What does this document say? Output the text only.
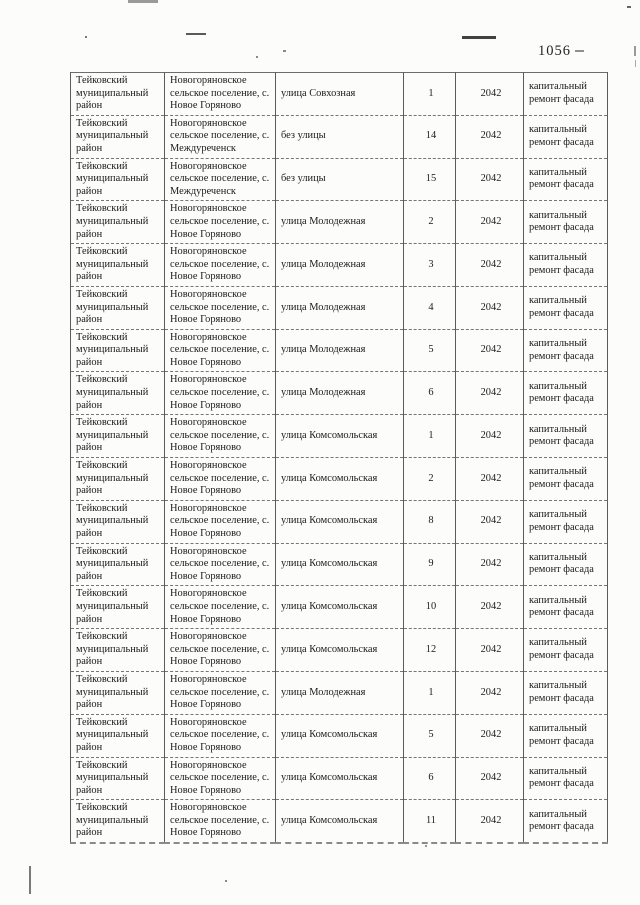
1056
Тейковский муниципальный район	Новогоряновское сельское поселение, с. Новое Горяново	улица Совхозная	1	2042	капитальный ремонт фасада
Тейковский муниципальный район	Новогоряновское сельское поселение, с. Междуреченск	без улицы	14	2042	капитальный ремонт фасада
Тейковский муниципальный район	Новогоряновское сельское поселение, с. Междуреченск	без улицы	15	2042	капитальный ремонт фасада
Тейковский муниципальный район	Новогоряновское сельское поселение, с. Новое Горяново	улица Молодежная	2	2042	капитальный ремонт фасада
Тейковский муниципальный район	Новогоряновское сельское поселение, с. Новое Горяново	улица Молодежная	3	2042	капитальный ремонт фасада
Тейковский муниципальный район	Новогоряновское сельское поселение, с. Новое Горяново	улица Молодежная	4	2042	капитальный ремонт фасада
Тейковский муниципальный район	Новогоряновское сельское поселение, с. Новое Горяново	улица Молодежная	5	2042	капитальный ремонт фасада
Тейковский муниципальный район	Новогоряновское сельское поселение, с. Новое Горяново	улица Молодежная	6	2042	капитальный ремонт фасада
Тейковский муниципальный район	Новогоряновское сельское поселение, с. Новое Горяново	улица Комсомольская	1	2042	капитальный ремонт фасада
Тейковский муниципальный район	Новогоряновское сельское поселение, с. Новое Горяново	улица Комсомольская	2	2042	капитальный ремонт фасада
Тейковский муниципальный район	Новогоряновское сельское поселение, с. Новое Горяново	улица Комсомольская	8	2042	капитальный ремонт фасада
Тейковский муниципальный район	Новогоряновское сельское поселение, с. Новое Горяново	улица Комсомольская	9	2042	капитальный ремонт фасада
Тейковский муниципальный район	Новогоряновское сельское поселение, с. Новое Горяново	улица Комсомольская	10	2042	капитальный ремонт фасада
Тейковский муниципальный район	Новогоряновское сельское поселение, с. Новое Горяново	улица Комсомольская	12	2042	капитальный ремонт фасада
Тейковский муниципальный район	Новогоряновское сельское поселение, с. Новое Горяново	улица Молодежная	1	2042	капитальный ремонт фасада
Тейковский муниципальный район	Новогоряновское сельское поселение, с. Новое Горяново	улица Комсомольская	5	2042	капитальный ремонт фасада
Тейковский муниципальный район	Новогоряновское сельское поселение, с. Новое Горяново	улица Комсомольская	6	2042	капитальный ремонт фасада
Тейковский муниципальный район	Новогоряновское сельское поселение, с. Новое Горяново	улица Комсомольская	11	2042	капитальный ремонт фасада
